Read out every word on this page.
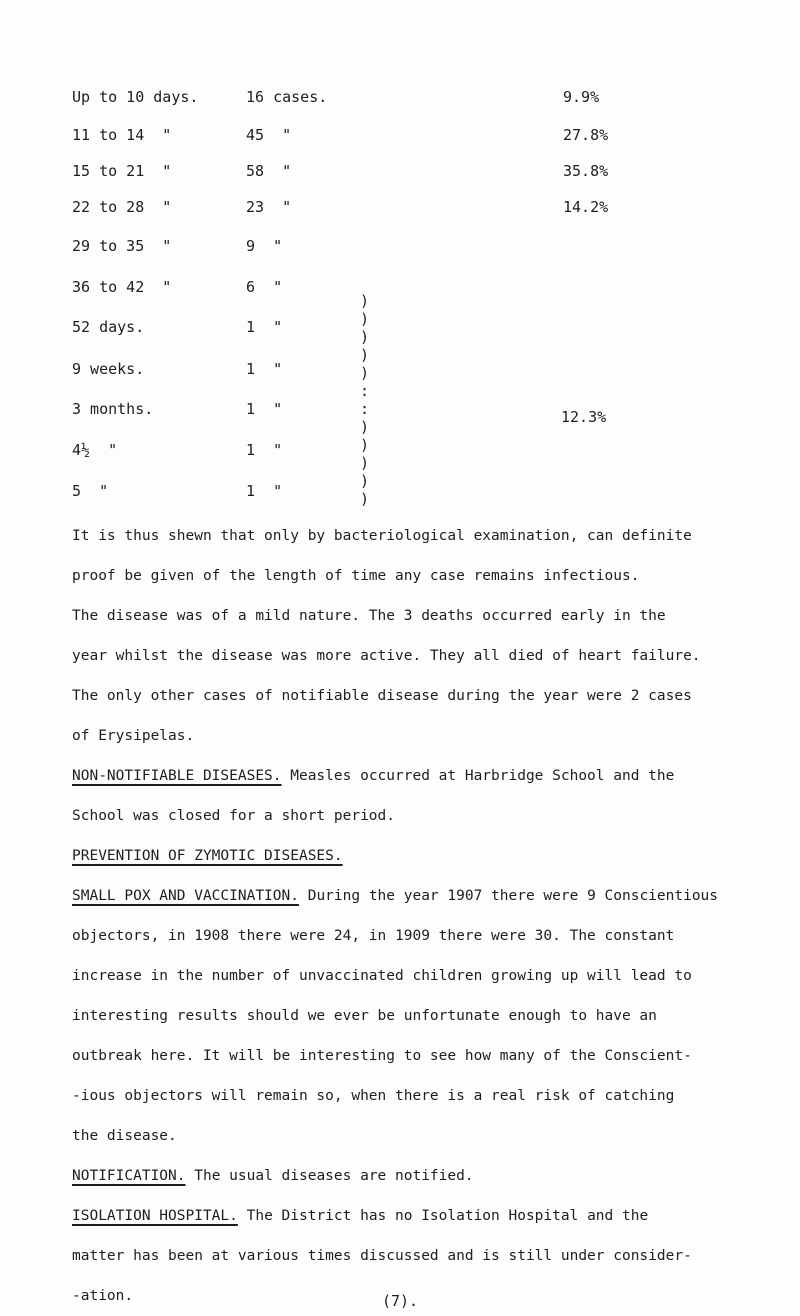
Up to 10 days.	16 cases.	9.9%
11 to 14  "	45  "	27.8%
15 to 21  "	58  "	35.8%
22 to 28  "	23  "	14.2%
29 to 35  "	9  "
36 to 42  "	6  "
52 days.	1  "
9 weeks.	1  "
3 months.	1  "
4½  "	1  "
5  "	1  "
)
)
)
)
)
:
:
)
)
)
)
)
12.3%
It is thus shewn that only by bacteriological examination, can definite
proof be given of the length of time any case remains infectious.
The disease was of a mild nature. The 3 deaths occurred early in the
year whilst the disease was more active. They all died of heart failure.
The only other cases of notifiable disease during the year were 2 cases
of Erysipelas.
NON-NOTIFIABLE DISEASES. Measles occurred at Harbridge School and the
School was closed for a short period.
PREVENTION OF ZYMOTIC DISEASES.
SMALL POX AND VACCINATION. During the year 1907 there were 9 Conscientious
objectors, in 1908 there were 24, in 1909 there were 30. The constant
increase in the number of unvaccinated children growing up will lead to
interesting results should we ever be unfortunate enough to have an
outbreak here. It will be interesting to see how many of the Conscient-
-ious objectors will remain so, when there is a real risk of catching
the disease.
NOTIFICATION. The usual diseases are notified.
ISOLATION HOSPITAL. The District has no Isolation Hospital and the
matter has been at various times discussed and is still under consider-
-ation.	(7).
